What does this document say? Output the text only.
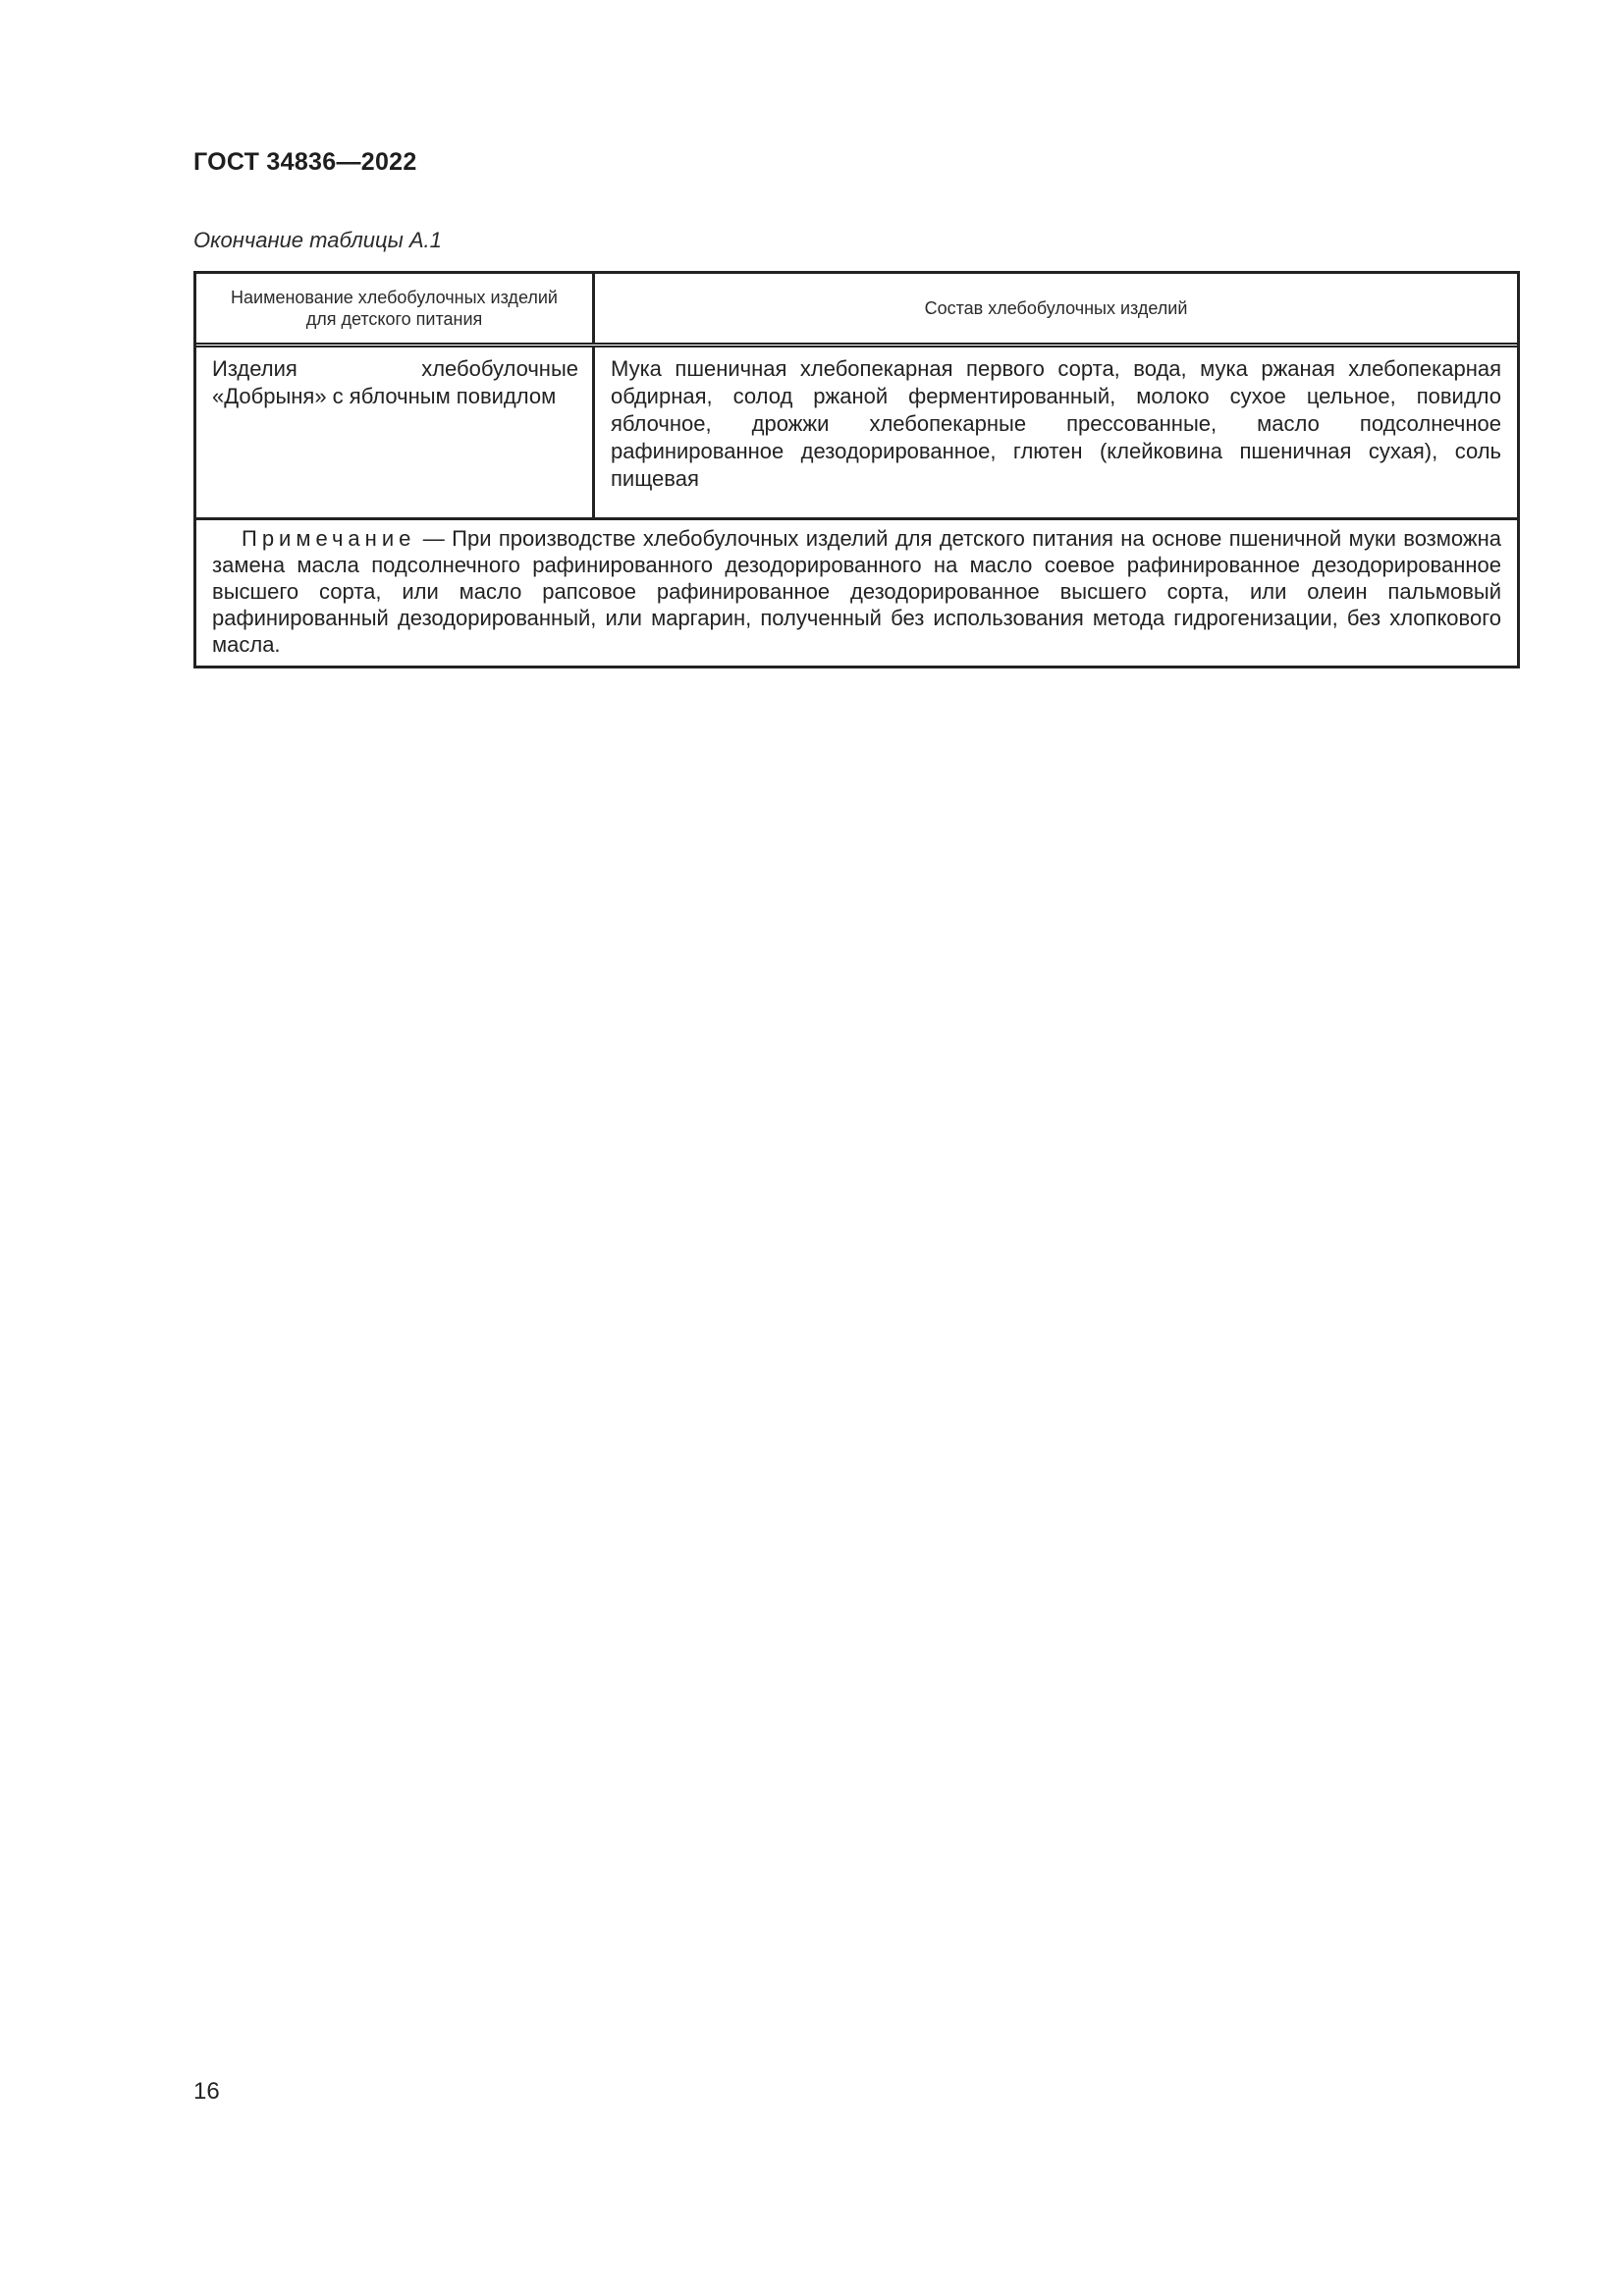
ГОСТ 34836—2022
Окончание таблицы А.1
Наименование хлебобулочных изделий для детского питания
Состав хлебобулочных изделий
Изделия хлебобулочные «Добрыня» с яблочным повидлом
Мука пшеничная хлебопекарная первого сорта, вода, мука ржаная хлебопекарная обдирная, солод ржаной ферментированный, молоко сухое цельное, повидло яблочное, дрожжи хлебопекарные прессованные, масло подсолнечное рафинированное дезодорированное, глютен (клейковина пшеничная сухая), соль пищевая
Примечание — При производстве хлебобулочных изделий для детского питания на основе пшеничной муки возможна замена масла подсолнечного рафинированного дезодорированного на масло соевое рафинированное дезодорированное высшего сорта, или масло рапсовое рафинированное дезодорированное высшего сорта, или олеин пальмовый рафинированный дезодорированный, или маргарин, полученный без использования метода гидрогенизации, без хлопкового масла.
16
